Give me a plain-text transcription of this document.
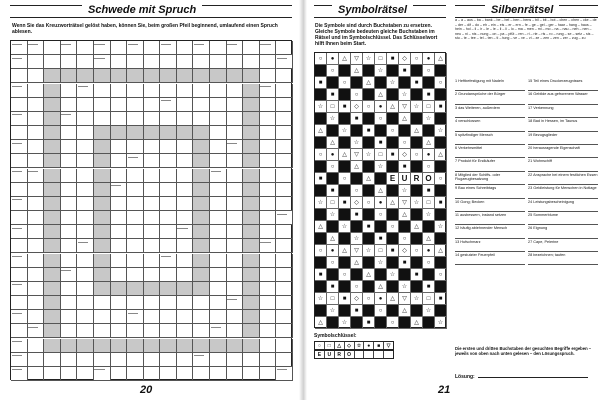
Schwede mit Spruch
Wenn Sie das Kreuzworträtsel gelöst haben, können Sie, beim großen Pfeil beginnend, umlaufend einen Spruch ablesen.
20
Symbolrätsel
Die Symbole sind durch Buchstaben zu ersetzen. Gleiche Symbole bedeuten gleiche Buchstaben im Rätsel und im Symbolschlüssel. Das Schlüsselwort hilft Ihnen beim Start.
○	●	△	▽	☆	□	■	◇	○	●	△
○	△	☆	■	○
■	○	△	☆	■	○
■	○	△	☆	■
☆	□	■	◇	○	●	△	▽	☆	□	■
☆	■	○	△	☆
△	☆	■	○	△	☆
△	☆	■	○	△
○	●	△	▽	☆	□	■	◇	○	●	△
○	△	☆	■	○
■	○	△	E U R O	○
■	○	△	☆	■
☆	□	■	◇	○	●	△	▽	☆	□	■
☆	■	○	△	☆
△	☆	■	○	△	☆
△	☆	■	○	△
○	●	△	▽	☆	□	■	◇	○	●	△
○	△	☆	■	○
■	○	△	☆	■	○
■	○	△	☆	■
☆	□	■	◇	○	●	△	▽	☆	□	■
☆	■	○	△	☆
△	☆	■	○	△	☆
Symbolschlüssel:
○	□	△	◇	☆	●	■	▽
E	U	R	O
Silbenrätsel
a – a – aus – ba – bank – be – bel – ben – bens – bil – bit – bot – chen – chen – cke – de – der – dif – do – eh – ein – eis – er – ern – fe – ge – gel – ger – haar – hang – haus – hein – hol – il – ir – le – le – li – li – lo – ma – men – mi – mo – na – nau – neh – nen – neu – ni – nis – nung – on – pa – pfüt – ren – ri – rie – ris – ro – rung – se – setz – sis – stu – te – tee – tel – ten – ti – tung – ve – ve – vi – ze – zen – zen – zer – zug – zu
1 Heftbefestigung mit Nadeln
2 Grundansprüche der Bürger
3 das Weiteren, außerdem
4 verschlossen
5 spitzfindiger Mensch
6 Verkehrsmittel
7 Produkt für Endkäufer
8 Mitglied der Schiffs- oder Flugzeugbesatzung
9 Bau eines Schreibtags
10 Gong; Becken
11 ausbessern, instand setzen
12 häufig ablehnender Mensch
13 Hufschmarz
14 gestutzter Feuerpfeil
15 Teil eines Druckerzeugnisses
16 Gebilde aus gefrorenem Wasser
17 Verkennung
18 Bad in Hessen, im Taunus
19 Bezugsglieder
20 herausragende Eigenschaft
21 Wohnschiff
22 Ansprache bei einem festlichen Essen
23 Geldleistung für Menschen in Notlage
24 Leistungsbescheinigung
25 Sommerblume
26 Eignung
27 Cape, Pelerine
28 bezeichnen; taufen
Die ersten und dritten Buchstaben der gesuchten Begriffe ergeben – jeweils von oben nach unten gelesen – den Lösungsspruch.
Lösung:
21
